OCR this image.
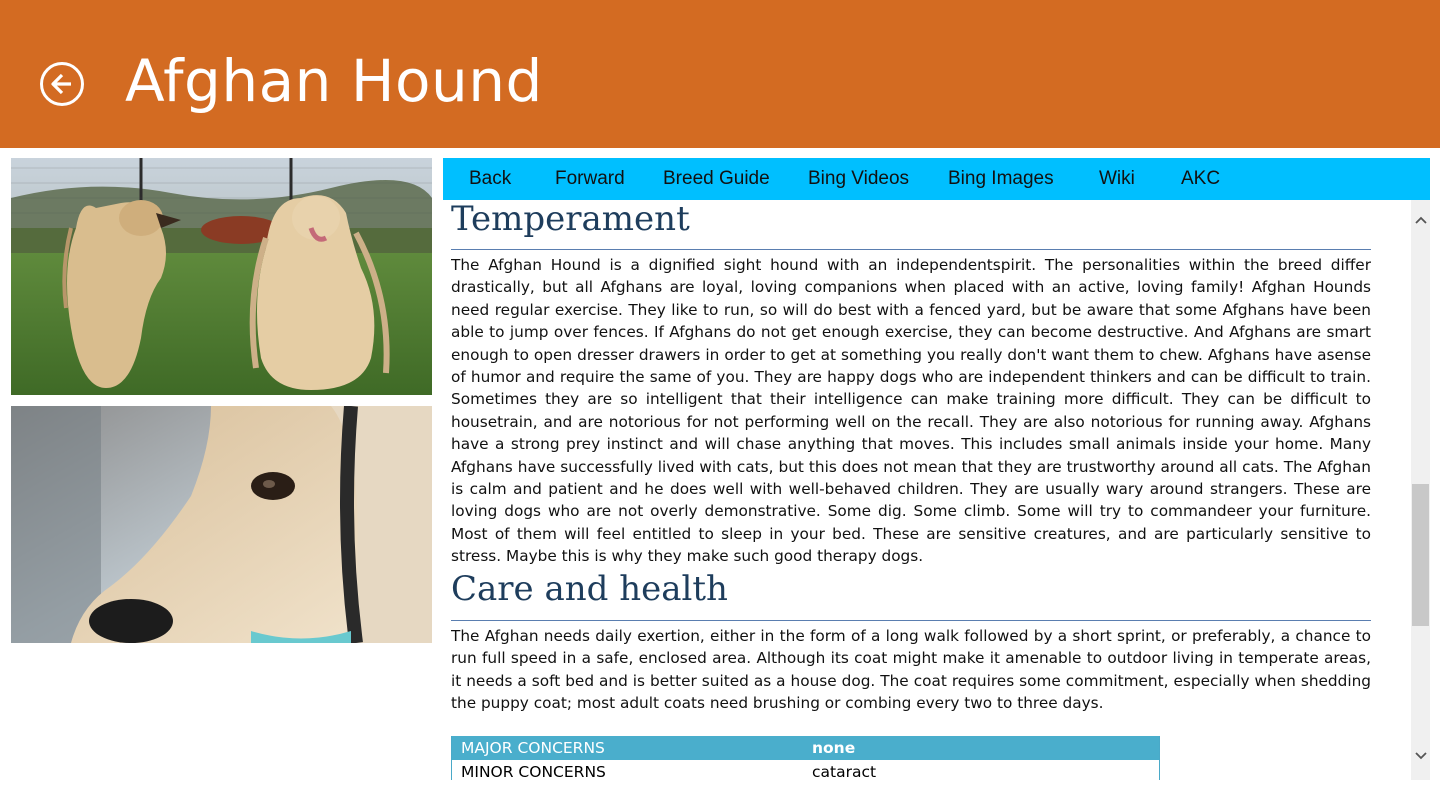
Afghan Hound
Back Forward Breed Guide Bing Videos Bing Images Wiki AKC
Temperament

The Afghan Hound is a dignified sight hound with an independentspirit. The personalities within the breed differ drastically, but all Afghans are loyal, loving companions when placed with an active, loving family! Afghan Hounds need regular exercise. They like to run, so will do best with a fenced yard, but be aware that some Afghans have been able to jump over fences. If Afghans do not get enough exercise, they can become destructive. And Afghans are smart enough to open dresser drawers in order to get at something you really don't want them to chew. Afghans have asense of humor and require the same of you. They are happy dogs who are independent thinkers and can be difficult to train. Sometimes they are so intelligent that their intelligence can make training more difficult. They can be difficult to housetrain, and are notorious for not performing well on the recall. They are also notorious for running away. Afghans have a strong prey instinct and will chase anything that moves. This includes small animals inside your home. Many Afghans have successfully lived with cats, but this does not mean that they are trustworthy around all cats. The Afghan is calm and patient and he does well with well-behaved children. They are usually wary around strangers. These are loving dogs who are not overly demonstrative. Some dig. Some climb. Some will try to commandeer your furniture. Most of them will feel entitled to sleep in your bed. These are sensitive creatures, and are particularly sensitive to stress. Maybe this is why they make such good therapy dogs.

Care and health

The Afghan needs daily exertion, either in the form of a long walk followed by a short sprint, or preferably, a chance to run full speed in a safe, enclosed area. Although its coat might make it amenable to outdoor living in temperate areas, it needs a soft bed and is better suited as a house dog. The coat requires some commitment, especially when shedding the puppy coat; most adult coats need brushing or combing every two to three days.

MAJOR CONCERNS	none
MINOR CONCERNS	cataract
